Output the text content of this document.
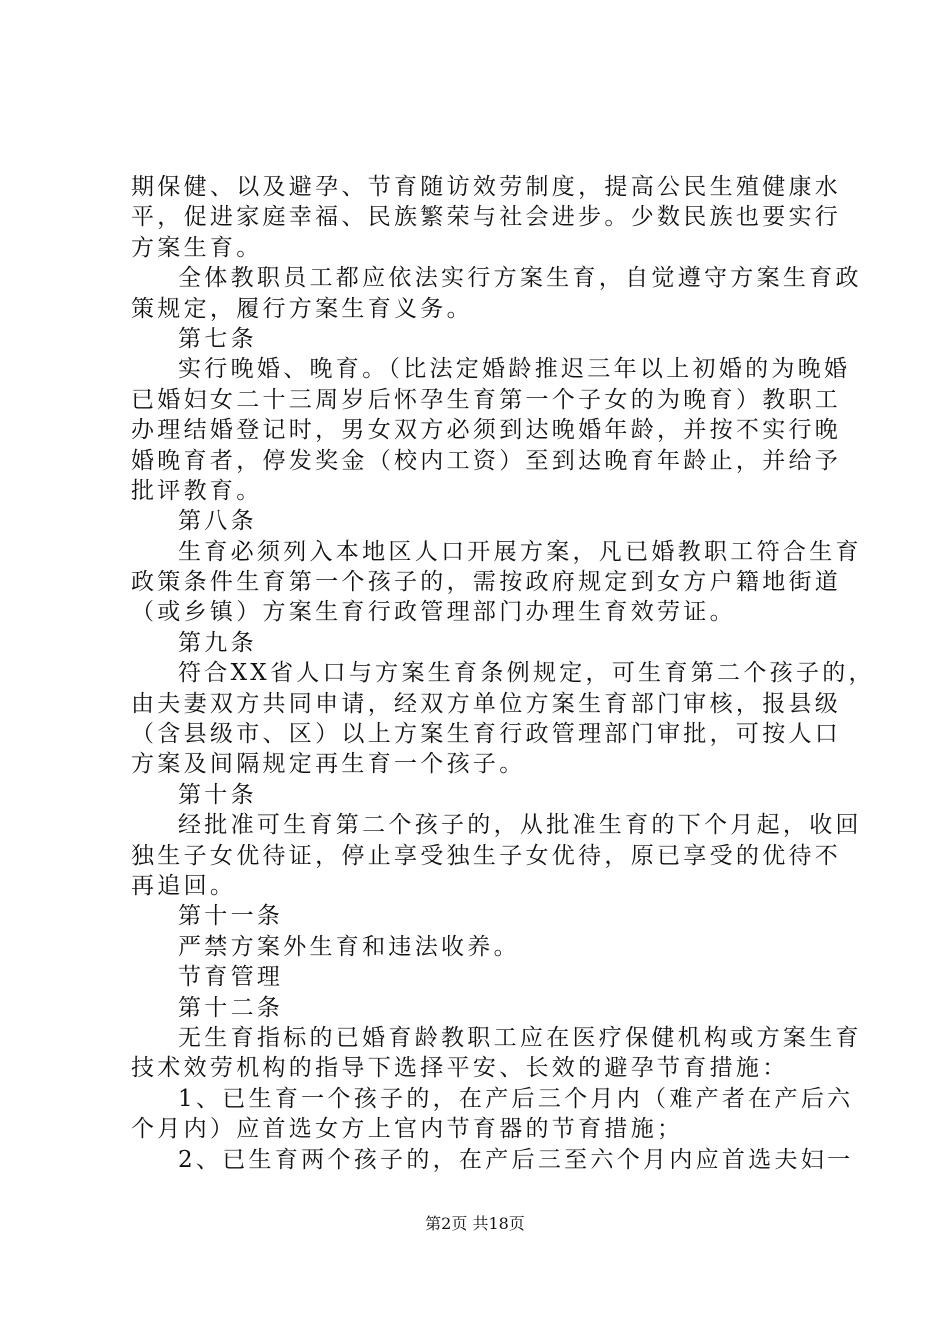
期保健、以及避孕、节育随访效劳制度，提高公民生殖健康水
平，促进家庭幸福、民族繁荣与社会进步。少数民族也要实行
方案生育。
全体教职员工都应依法实行方案生育，自觉遵守方案生育政
策规定，履行方案生育义务。
第七条
实行晚婚、晚育。（比法定婚龄推迟三年以上初婚的为晚婚
已婚妇女二十三周岁后怀孕生育第一个子女的为晚育）教职工
办理结婚登记时，男女双方必须到达晚婚年龄，并按不实行晚
婚晚育者，停发奖金（校内工资）至到达晚育年龄止，并给予
批评教育。
第八条
生育必须列入本地区人口开展方案，凡已婚教职工符合生育
政策条件生育第一个孩子的，需按政府规定到女方户籍地街道
（或乡镇）方案生育行政管理部门办理生育效劳证。
第九条
符合XX省人口与方案生育条例规定，可生育第二个孩子的，
由夫妻双方共同申请，经双方单位方案生育部门审核，报县级
（含县级市、区）以上方案生育行政管理部门审批，可按人口
方案及间隔规定再生育一个孩子。
第十条
经批准可生育第二个孩子的，从批准生育的下个月起，收回
独生子女优待证，停止享受独生子女优待，原已享受的优待不
再追回。
第十一条
严禁方案外生育和违法收养。
节育管理
第十二条
无生育指标的已婚育龄教职工应在医疗保健机构或方案生育
技术效劳机构的指导下选择平安、长效的避孕节育措施：
1、已生育一个孩子的，在产后三个月内（难产者在产后六
个月内）应首选女方上官内节育器的节育措施；
2、已生育两个孩子的，在产后三至六个月内应首选夫妇一
第2页 共18页
